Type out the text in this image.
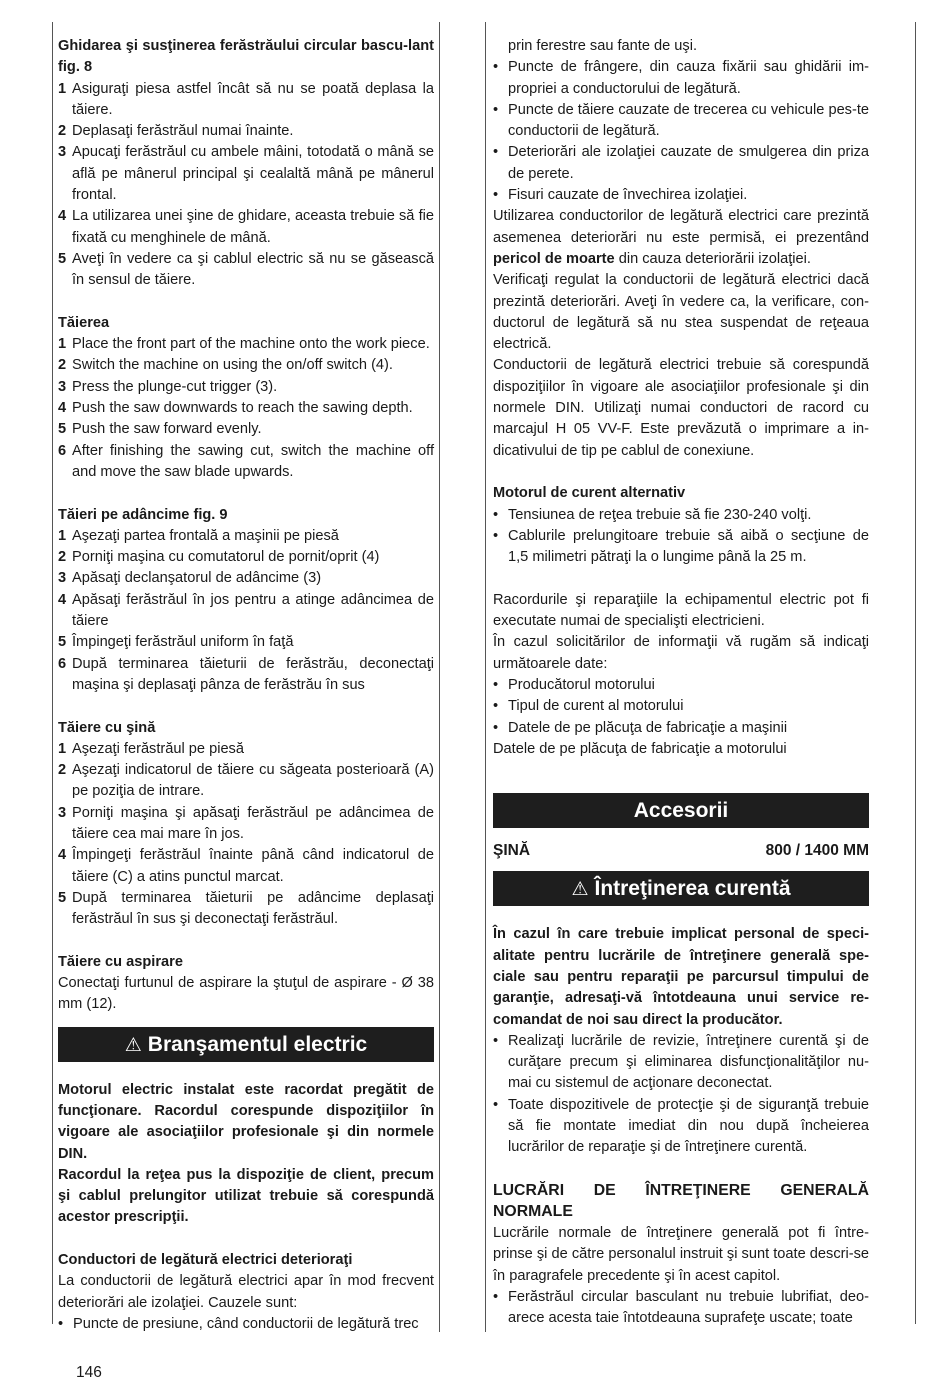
Ghidarea şi susţinerea ferăstrăului circular bascu-lant fig. 8

1 Asiguraţi piesa astfel încât să nu se poată deplasa la tăiere.
2 Deplasaţi ferăstrăul numai înainte.
3 Apucaţi ferăstrăul cu ambele mâini, totodată o mână se află pe mânerul principal şi cealaltă mână pe mânerul frontal.
4 La utilizarea unei şine de ghidare, aceasta trebuie să fie fixată cu menghinele de mână.
5 Aveţi în vedere ca şi cablul electric să nu se găsească în sensul de tăiere.

Tăierea

1 Place the front part of the machine onto the work piece.
2 Switch the machine on using the on/off switch (4).
3 Press the plunge-cut trigger (3).
4 Push the saw downwards to reach the sawing depth.
5 Push the saw forward evenly.
6 After finishing the sawing cut, switch the machine off and move the saw blade upwards.

Tăieri pe adâncime fig. 9

1 Aşezaţi partea frontală a maşinii pe piesă
2 Porniţi maşina cu comutatorul de pornit/oprit (4)
3 Apăsaţi declanşatorul de adâncime (3)
4 Apăsaţi ferăstrăul în jos pentru a atinge adâncimea de tăiere
5 Împingeţi ferăstrăul uniform în faţă
6 După terminarea tăieturii de ferăstrău, deconectaţi maşina şi deplasaţi pânza de ferăstrău în sus

Tăiere cu şină

1 Aşezaţi ferăstrăul pe piesă
2 Aşezaţi indicatorul de tăiere cu săgeata posterioară (A) pe poziţia de intrare.
3 Porniţi maşina şi apăsaţi ferăstrăul pe adâncimea de tăiere cea mai mare în jos.
4 Împingeţi ferăstrăul înainte până când indicatorul de tăiere (C) a atins punctul marcat.
5 După terminarea tăieturii pe adâncime deplasaţi ferăstrăul în sus şi deconectaţi ferăstrăul.

Tăiere cu aspirare

Conectaţi furtunul de aspirare la ştuţul de aspirare - Ø 38 mm (12).

⚠ Branşamentul electric

Motorul electric instalat este racordat pregătit de funcţionare. Racordul corespunde dispoziţiilor în vigoare ale asociaţiilor profesionale şi din normele DIN.

Racordul la reţea pus la dispoziţie de client, precum şi cablul prelungitor utilizat trebuie să corespundă acestor prescripţii.

Conductori de legătură electrici deterioraţi

La conductorii de legătură electrici apar în mod frecvent deteriorări ale izolaţiei. Cauzele sunt:

• Puncte de presiune, când conductorii de legătură trec

prin ferestre sau fante de uşi.

• Puncte de frângere, din cauza fixării sau ghidării im-propriei a conductorului de legătură.
• Puncte de tăiere cauzate de trecerea cu vehicule pes-te conductorii de legătură.
• Deteriorări ale izolaţiei cauzate de smulgerea din priza de perete.
• Fisuri cauzate de învechirea izolaţiei.

Utilizarea conductorilor de legătură electrici care prezintă asemenea deteriorări nu este permisă, ei prezentând pericol de moarte din cauza deteriorării izolaţiei.

Verificaţi regulat la conductorii de legătură electrici dacă prezintă deteriorări. Aveţi în vedere ca, la verificare, con-ductorul de legătură să nu stea suspendat de reţeaua electrică.

Conductorii de legătură electrici trebuie să corespundă dispoziţiilor în vigoare ale asociaţiilor profesionale şi din normele DIN. Utilizaţi numai conductori de racord cu marcajul H 05 VV-F. Este prevăzută o imprimare a in-dicativului de tip pe cablul de conexiune.

Motorul de curent alternativ

• Tensiunea de reţea trebuie să fie 230-240 volţi.
• Cablurile prelungitoare trebuie să aibă o secţiune de 1,5 milimetri pătraţi la o lungime până la 25 m.

Racordurile şi reparaţiile la echipamentul electric pot fi executate numai de specialişti electricieni.

În cazul solicitărilor de informaţii vă rugăm să indicaţi următoarele date:

• Producătorul motorului
• Tipul de curent al motorului
• Datele de pe plăcuţa de fabricaţie a maşinii

Datele de pe plăcuţa de fabricaţie a motorului

Accesorii
ŞINĂ	800 / 1400 MM
⚠ Întreţinerea curentă

În cazul în care trebuie implicat personal de speci-alitate pentru lucrările de întreţinere generală spe-ciale sau pentru reparaţii pe parcursul timpului de garanţie, adresaţi-vă întotdeauna unui service re-comandat de noi sau direct la producător.

• Realizaţi lucrările de revizie, întreţinere curentă şi de curăţare precum şi eliminarea disfuncţionalităţilor nu-mai cu sistemul de acţionare deconectat.
• Toate dispozitivele de protecţie şi de siguranţă trebuie să fie montate imediat din nou după încheierea lucrărilor de reparaţie şi de întreţinere curentă.

LUCRĂRI DE ÎNTREŢINERE GENERALĂ NORMALE

Lucrările normale de întreţinere generală pot fi între-prinse şi de către personalul instruit şi sunt toate descri-se în paragrafele precedente şi în acest capitol.

• Ferăstrăul circular basculant nu trebuie lubrifiat, deo-arece acesta taie întotdeauna suprafeţe uscate; toate
146
